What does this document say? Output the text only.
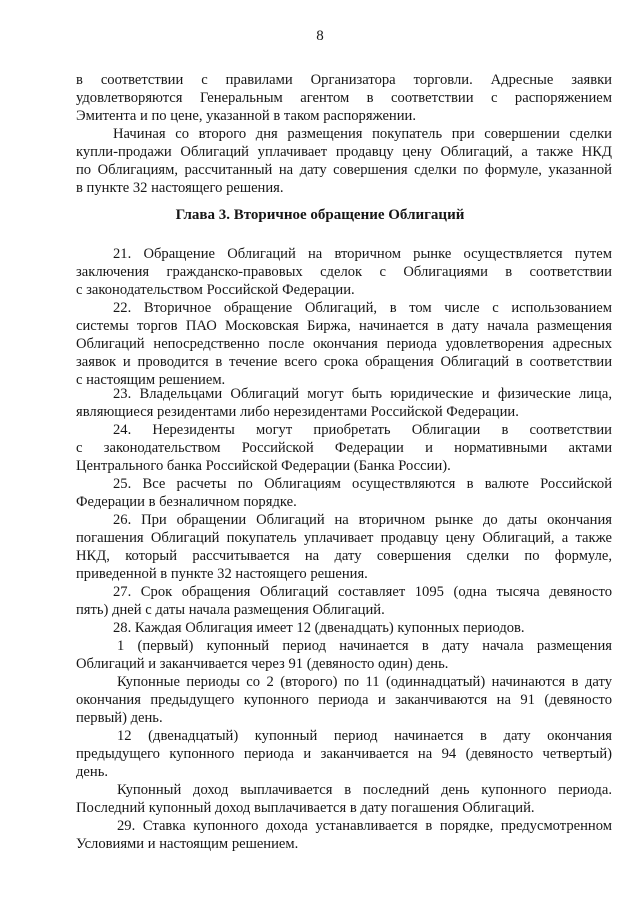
8
Глава 3. Вторичное обращение Облигаций
в соответствии с правилами Организатора торговли. Адресные заявки
удовлетворяются Генеральным агентом в соответствии с распоряжением
Эмитента и по цене, указанной в таком распоряжении.
Начиная со второго дня размещения покупатель при совершении сделки
купли-продажи Облигаций уплачивает продавцу цену Облигаций, а также НКД
по Облигациям, рассчитанный на дату совершения сделки по формуле, указанной
в пункте 32 настоящего решения.
21. Обращение Облигаций на вторичном рынке осуществляется путем
заключения гражданско-правовых сделок с Облигациями в соответствии
с законодательством Российской Федерации.
22. Вторичное обращение Облигаций, в том числе с использованием
системы торгов ПАО Московская Биржа, начинается в дату начала размещения
Облигаций непосредственно после окончания периода удовлетворения адресных
заявок и проводится в течение всего срока обращения Облигаций в соответствии
с настоящим решением.
23. Владельцами Облигаций могут быть юридические и физические лица,
являющиеся резидентами либо нерезидентами Российской Федерации.
24. Нерезиденты могут приобретать Облигации в соответствии
с законодательством Российской Федерации и нормативными актами
Центрального банка Российской Федерации (Банка России).
25. Все расчеты по Облигациям осуществляются в валюте Российской
Федерации в безналичном порядке.
26. При обращении Облигаций на вторичном рынке до даты окончания
погашения Облигаций покупатель уплачивает продавцу цену Облигаций, а также
НКД, который рассчитывается на дату совершения сделки по формуле,
приведенной в пункте 32 настоящего решения.
27. Срок обращения Облигаций составляет 1095 (одна тысяча девяносто
пять) дней с даты начала размещения Облигаций.
28. Каждая Облигация имеет 12 (двенадцать) купонных периодов.
1 (первый) купонный период начинается в дату начала размещения
Облигаций и заканчивается через 91 (девяносто один) день.
Купонные периоды со 2 (второго) по 11 (одиннадцатый) начинаются в дату
окончания предыдущего купонного периода и заканчиваются на 91 (девяносто
первый) день.
12 (двенадцатый) купонный период начинается в дату окончания
предыдущего купонного периода и заканчивается на 94 (девяносто четвертый)
день.
Купонный доход выплачивается в последний день купонного периода.
Последний купонный доход выплачивается в дату погашения Облигаций.
29. Ставка купонного дохода устанавливается в порядке, предусмотренном
Условиями и настоящим решением.
